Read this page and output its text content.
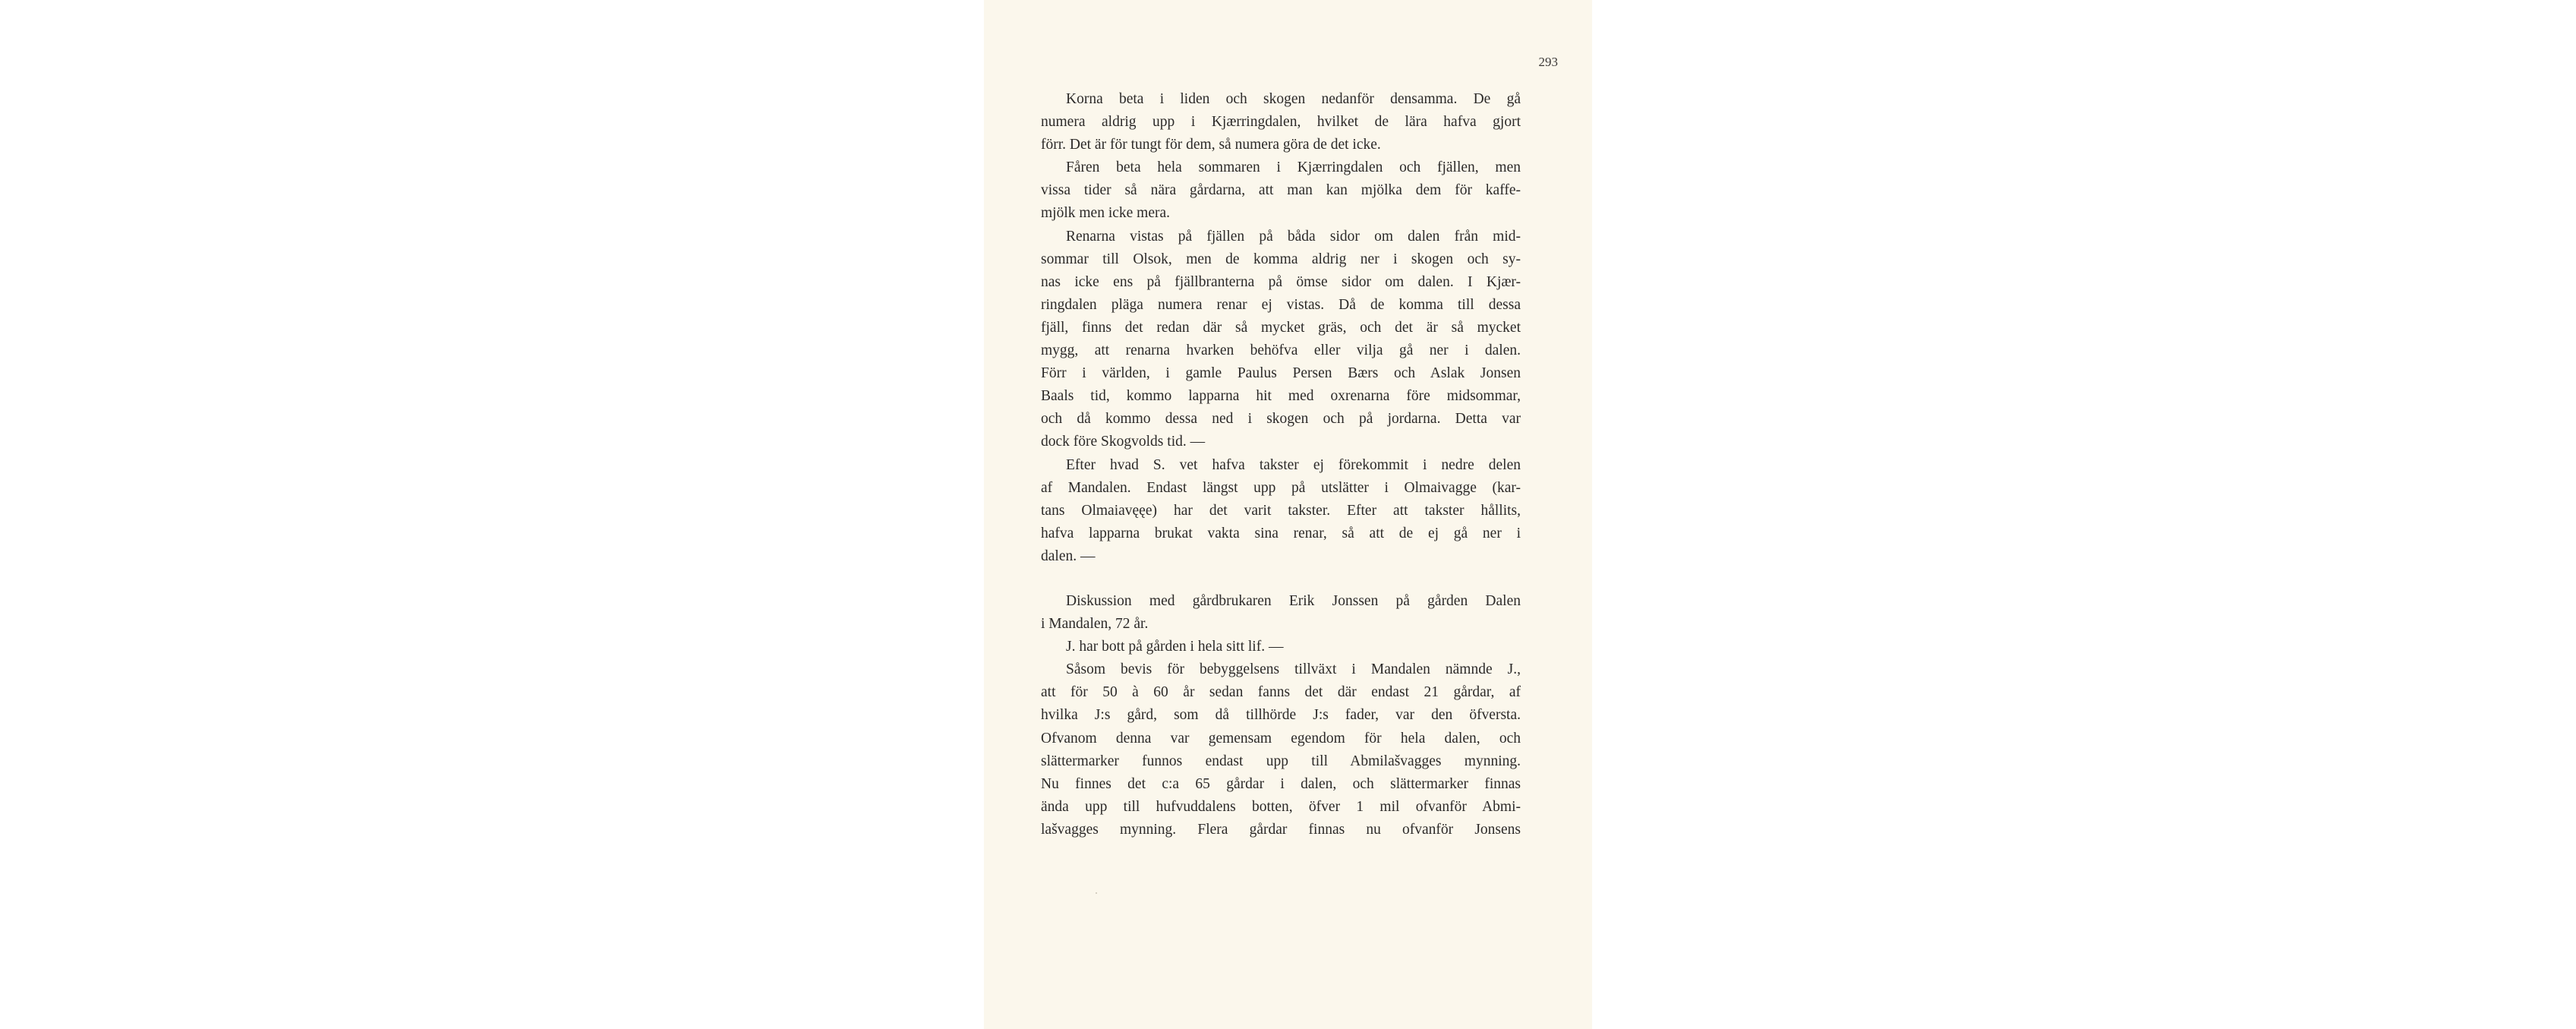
293
Korna beta i liden och skogen nedanför densamma. De gå
numera aldrig upp i Kjærringdalen, hvilket de lära hafva gjort
förr. Det är för tungt för dem, så numera göra de det icke.
Fåren beta hela sommaren i Kjærringdalen och fjällen, men
vissa tider så nära gårdarna, att man kan mjölka dem för kaffe-
mjölk men icke mera.
Renarna vistas på fjällen på båda sidor om dalen från mid-
sommar till Olsok, men de komma aldrig ner i skogen och sy-
nas icke ens på fjällbranterna på ömse sidor om dalen. I Kjær-
ringdalen pläga numera renar ej vistas. Då de komma till dessa
fjäll, finns det redan där så mycket gräs, och det är så mycket
mygg, att renarna hvarken behöfva eller vilja gå ner i dalen.
Förr i världen, i gamle Paulus Persen Bærs och Aslak Jonsen
Baals tid, kommo lapparna hit med oxrenarna före midsommar,
och då kommo dessa ned i skogen och på jordarna. Detta var
dock före Skogvolds tid. —
Efter hvad S. vet hafva takster ej förekommit i nedre delen
af Mandalen. Endast längst upp på utslätter i Olmaivagge (kar-
tans Olmaiavęęe) har det varit takster. Efter att takster hållits,
hafva lapparna brukat vakta sina renar, så att de ej gå ner i
dalen. —
Diskussion med gårdbrukaren Erik Jonssen på gården Dalen
i Mandalen, 72 år.
J. har bott på gården i hela sitt lif. —
Såsom bevis för bebyggelsens tillväxt i Mandalen nämnde J.,
att för 50 à 60 år sedan fanns det där endast 21 gårdar, af
hvilka J:s gård, som då tillhörde J:s fader, var den öfversta.
Ofvanom denna var gemensam egendom för hela dalen, och
slättermarker funnos endast upp till Abmilašvagges mynning.
Nu finnes det c:a 65 gårdar i dalen, och slättermarker finnas
ända upp till hufvuddalens botten, öfver 1 mil ofvanför Abmi-
lašvagges mynning. Flera gårdar finnas nu ofvanför Jonsens
